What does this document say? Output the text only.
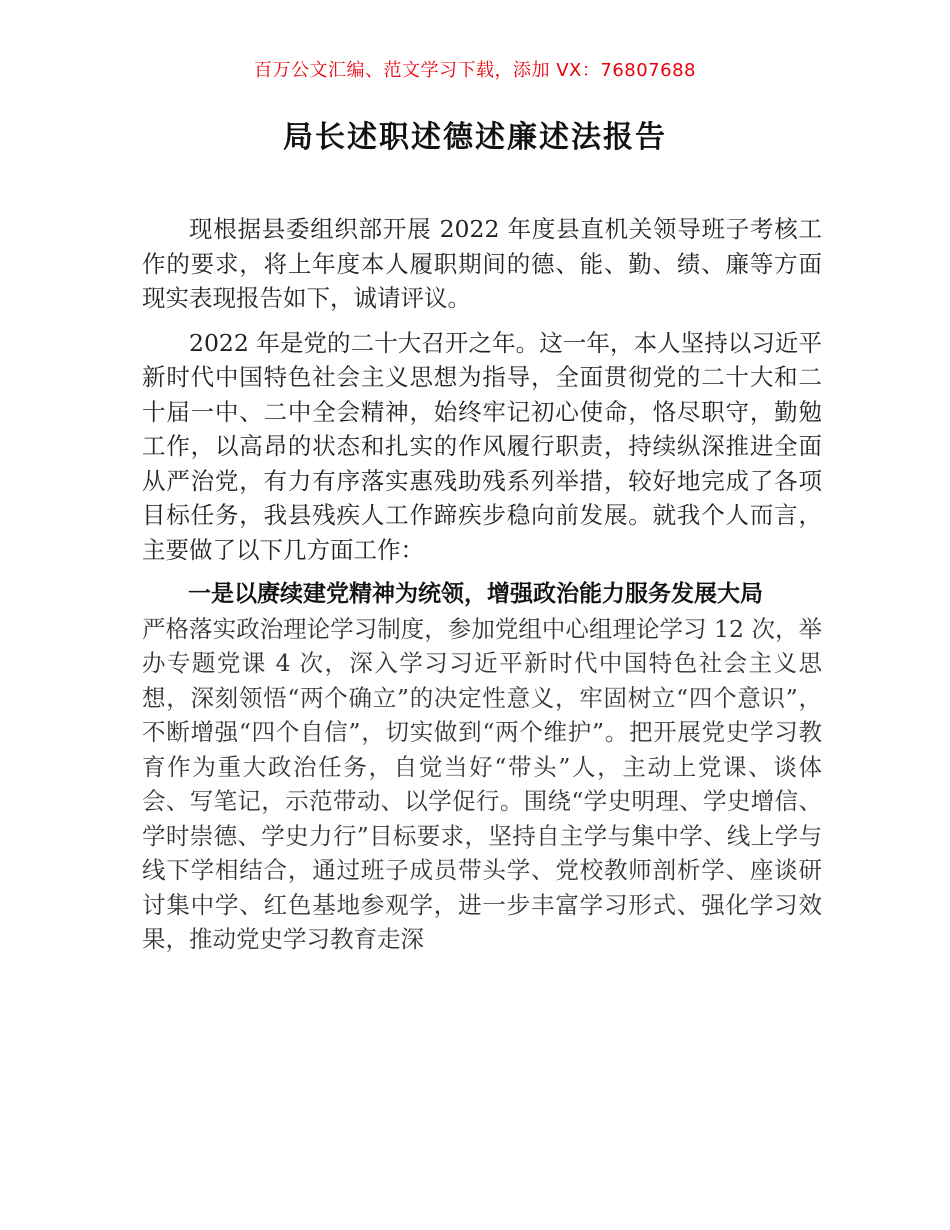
百万公文汇编、范文学习下载，添加 VX：76807688
局长述职述德述廉述法报告

现根据县委组织部开展 2022 年度县直机关领导班子考核工作的要求，将上年度本人履职期间的德、能、勤、绩、廉等方面现实表现报告如下，诚请评议。

2022 年是党的二十大召开之年。这一年，本人坚持以习近平新时代中国特色社会主义思想为指导，全面贯彻党的二十大和二十届一中、二中全会精神，始终牢记初心使命，恪尽职守，勤勉工作，以高昂的状态和扎实的作风履行职责，持续纵深推进全面从严治党，有力有序落实惠残助残系列举措，较好地完成了各项目标任务，我县残疾人工作蹄疾步稳向前发展。就我个人而言，主要做了以下几方面工作：

一是以赓续建党精神为统领，增强政治能力服务发展大局

严格落实政治理论学习制度，参加党组中心组理论学习 12 次，举办专题党课 4 次，深入学习习近平新时代中国特色社会主义思想，深刻领悟“两个确立”的决定性意义，牢固树立“四个意识”，不断增强“四个自信”，切实做到“两个维护”。把开展党史学习教育作为重大政治任务，自觉当好“带头”人，主动上党课、谈体会、写笔记，示范带动、以学促行。围绕“学史明理、学史增信、学时崇德、学史力行”目标要求，坚持自主学与集中学、线上学与线下学相结合，通过班子成员带头学、党校教师剖析学、座谈研讨集中学、红色基地参观学，进一步丰富学习形式、强化学习效果，推动党史学习教育走深
